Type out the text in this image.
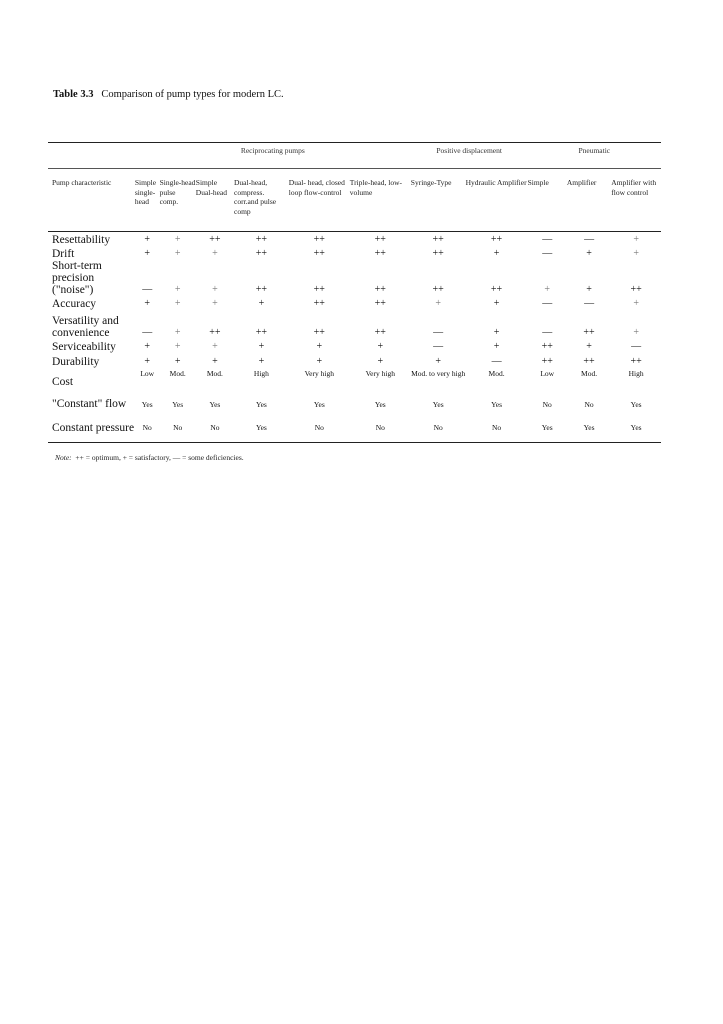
Table 3.3 Comparison of pump types for modern LC.
	Reciprocating pumps						Positive displacement		Pneumatic		

Pump characteristic	Simple single-head	Single-head pulse comp.	Simple Dual-head	Dual-head, compress. corr.and pulse comp	Dual- head, closed loop flow-control	Triple-head, low-volume	Syringe-Type	Hydraulic Amplifier	Simple	Amplifier	Amplifier with flow control
Resettability	+	+	++	++	++	++	++	++	—	—	+
Drift	+	+	+	++	++	++	++	+	—	+	+
Short-term precision ("noise")	—	+	+	++	++	++	++	++	+	+	++
Accuracy	+	+	+	+	++	++	+	+	—	—	+
Versatility and convenience	—	+	++	++	++	++	—	+	—	++	+
Serviceability	+	+	+	+	+	+	—	+	++	+	—
Durability	+	+	+	+	+	+	+	—	++	++	++
Cost	Low	Mod.	Mod.	High	Very high	Very high	Mod. to very high	Mod.	Low	Mod.	High
"Constant" flow	Yes	Yes	Yes	Yes	Yes	Yes	Yes	Yes	No	No	Yes
Constant pressure	No	No	No	Yes	No	No	No	No	Yes	Yes	Yes

Note: ++ = optimum, + = satisfactory, — = some deficiencies.
